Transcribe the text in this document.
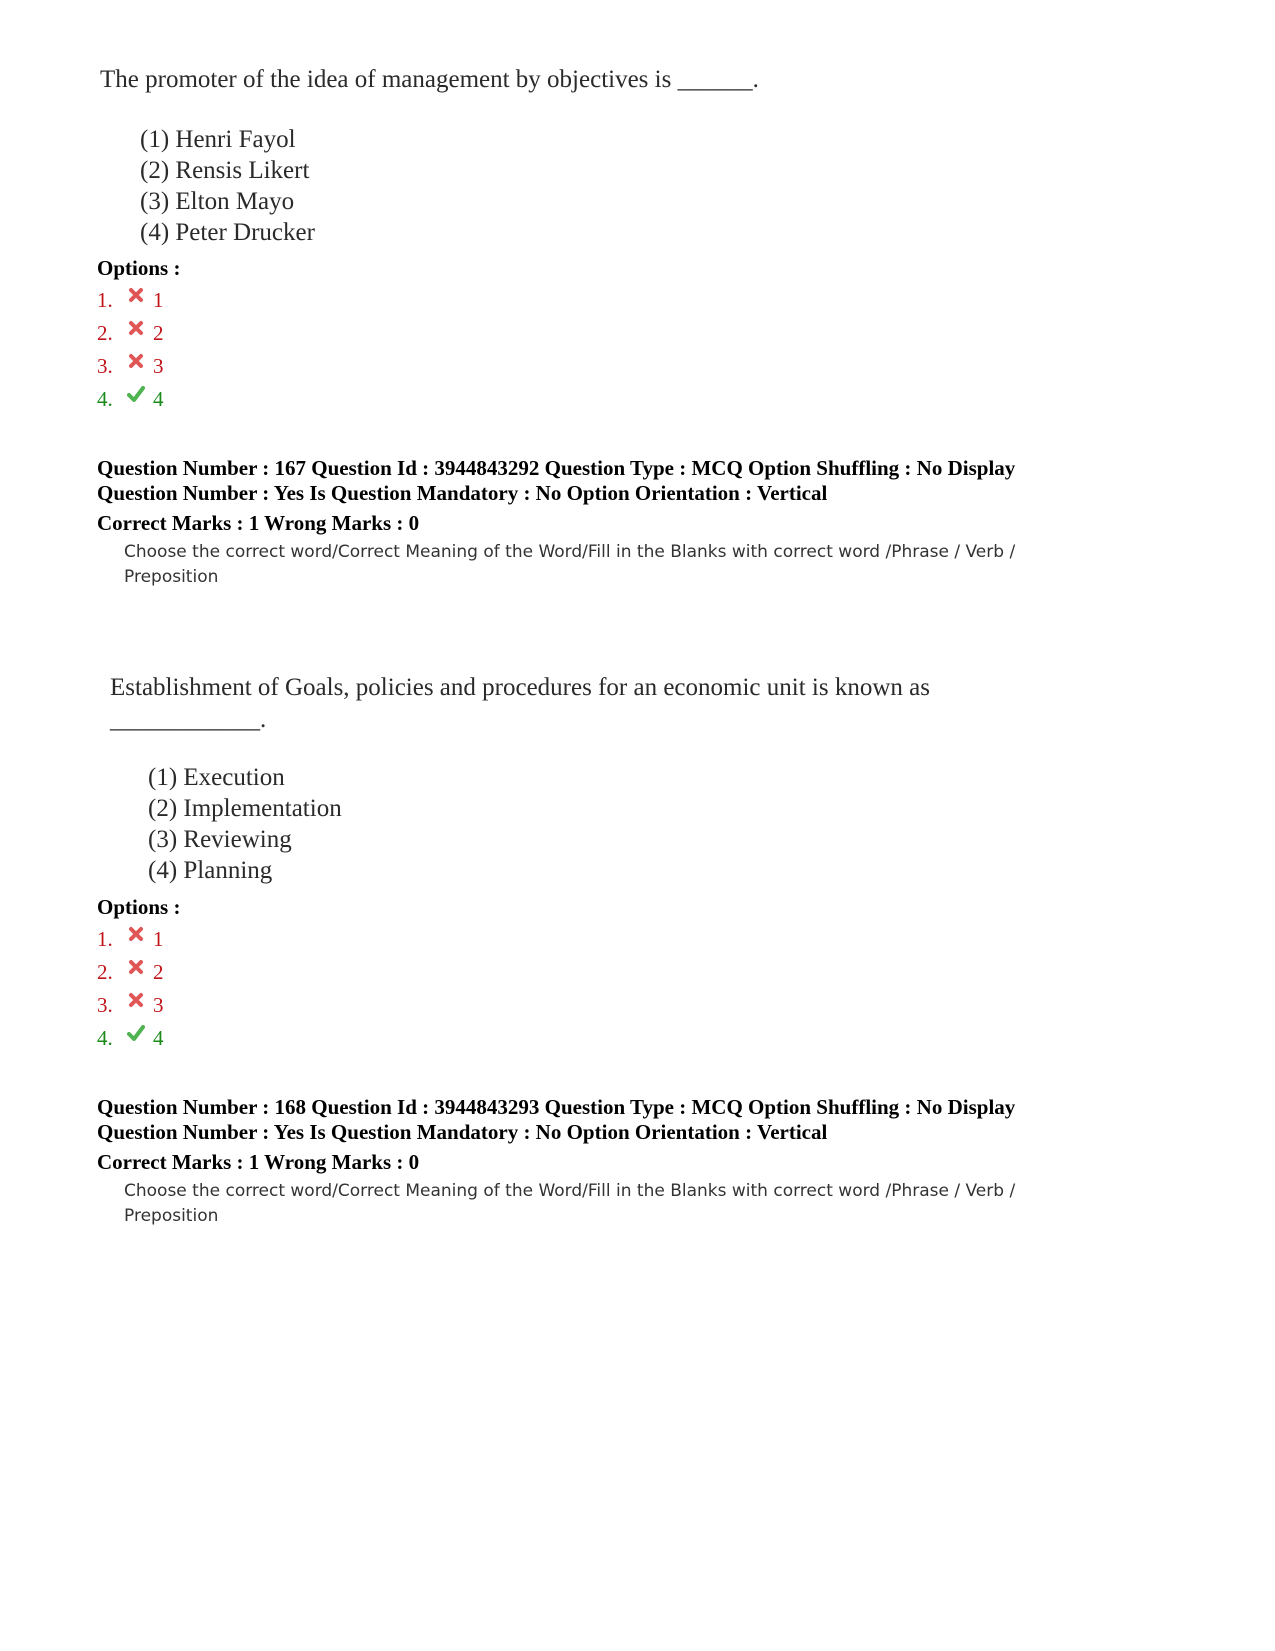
The promoter of the idea of management by objectives is ______.
(1) Henri Fayol
(2) Rensis Likert
(3) Elton Mayo
(4) Peter Drucker
Options :
1.	1
2.	2
3.	3
4.	4
Question Number : 167 Question Id : 3944843292 Question Type : MCQ Option Shuffling : No Display
Question Number : Yes Is Question Mandatory : No Option Orientation : Vertical
Correct Marks : 1 Wrong Marks : 0
Choose the correct word/Correct Meaning of the Word/Fill in the Blanks with correct word /Phrase / Verb /
Preposition
Establishment of Goals, policies and procedures for an economic unit is known as
____________.
(1) Execution
(2) Implementation
(3) Reviewing
(4) Planning
Options :
1.	1
2.	2
3.	3
4.	4
Question Number : 168 Question Id : 3944843293 Question Type : MCQ Option Shuffling : No Display
Question Number : Yes Is Question Mandatory : No Option Orientation : Vertical
Correct Marks : 1 Wrong Marks : 0
Choose the correct word/Correct Meaning of the Word/Fill in the Blanks with correct word /Phrase / Verb /
Preposition
